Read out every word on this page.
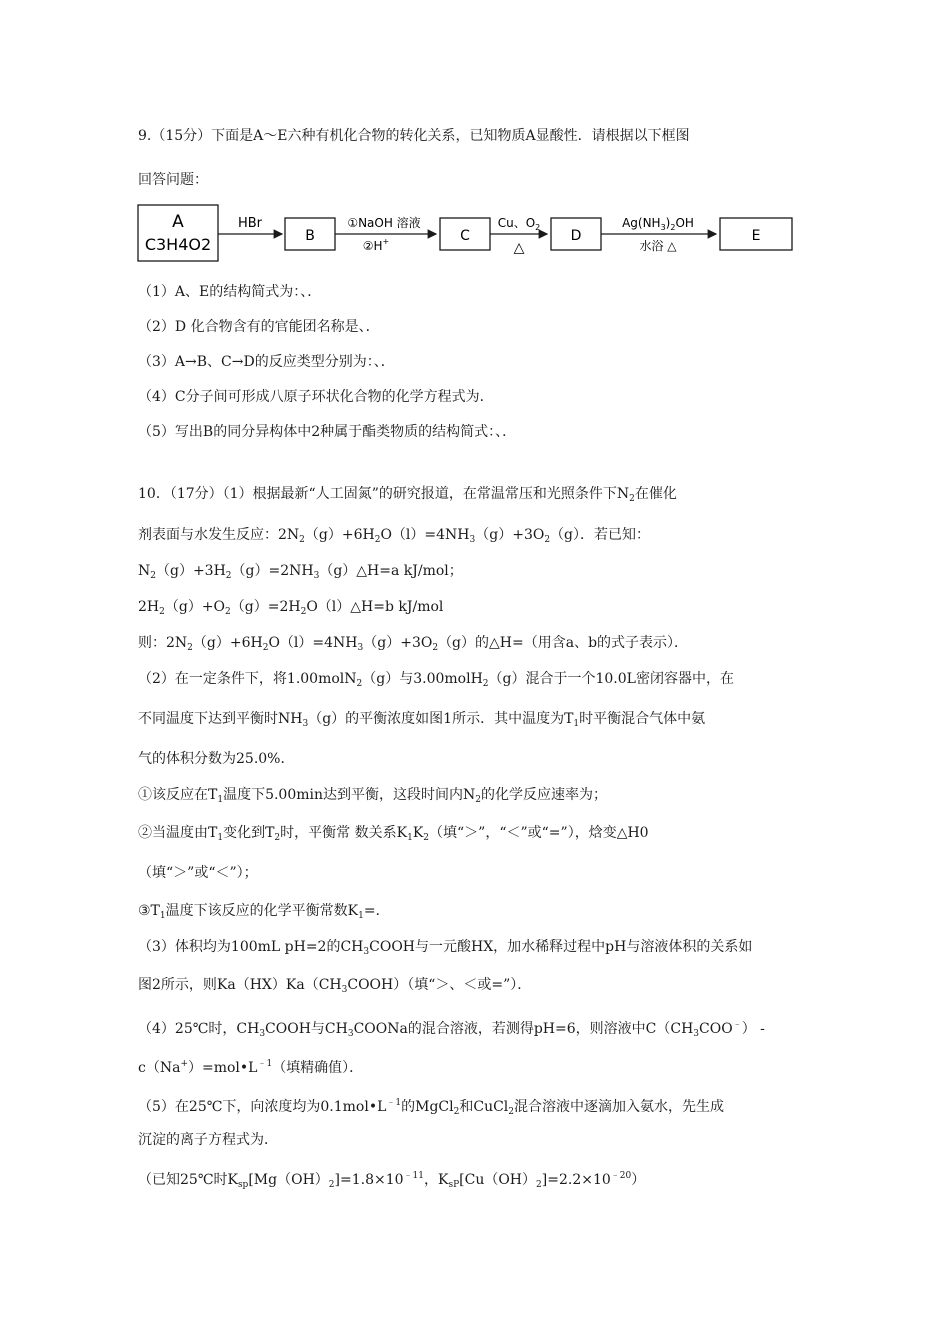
9.（15分）下面是A～E六种有机化合物的转化关系，已知物质A显酸性．请根据以下框图
回答问题：
A
C3H4O2
HBr
B
①NaOH 溶液
②H+	C
Cu、$O_2$
△
D
$Ag(NH_3)_2OH$
水浴 △
E
（1）A、E的结构简式为：、．
（2）D 化合物含有的官能团名称是、．
（3）A→B、C→D的反应类型分别为：、．
（4）C分子间可形成八原子环状化合物的化学方程式为．
（5）写出B的同分异构体中2种属于酯类物质的结构简式：、．
10．（17分）（1）根据最新“人工固氮”的研究报道，在常温常压和光照条件下$N_2$在催化
剂表面与水发生反应：$2N_2(g)+6H_2O(l)=4NH_3(g)+3O_2(g)$．若已知：
$N_2(g)+3H_2(g)=2NH_3(g)\triangle H=a$ kJ/mol；
$2H_2(g)+O_2(g)=2H_2O(l)\triangle H=b$ kJ/mol
则：$2N_2(g)+6H_2O(l)=4NH_3(g)+3O_2(g)$的△H=（用含a、b的式子表示）．
（2）在一定条件下，将1.00molN$_2$（g）与3.00molH$_2$（g）混合于一个10.0L密闭容器中，在
不同温度下达到平衡时$NH_3(g)$的平衡浓度如图1所示．其中温度为$T_1$时平衡混合气体中氨
气的体积分数为25.0%．
①该反应在$T_1$温度下5.00min达到平衡，这段时间内$N_2$的化学反应速率为；
②当温度由$T_1$变化到$T_2$时，平衡常 数关系$K_1K_2$（填“＞”，“＜”或“=”），焓变△H0
（填“＞”或“＜”）；
$③T_1$温度下该反应的化学平衡常数$K_1=$.
（3）体积均为100mL pH=2的$CH_3COOH$与一元酸HX，加水稀释过程中pH与溶液体积的关系如
图2所示，则$Ka(HX)Ka(CH_3COOH)$（填“＞、＜或=”）．
（4）25℃时，$CH_3COOH$与$CH_3COONa$的混合溶液，若测得pH=6，则溶液中$C(CH_3COO^﹣)$ -
$c(Na^+)=mol•L^{﹣1}$（填精确值）．
（5）在25℃下，向浓度均为$0.1mol•L^{﹣1}$的MgCl$_2$和CuCl$_2$混合溶液中逐滴加入氨水，先生成
沉淀的离子方程式为．
（已知25℃时$K_{sp}[Mg(OH)_2]=1.8\times 10^{﹣11}$，$K_{sP}[Cu(OH)_2]=2.2\times 10^{﹣20}$）
